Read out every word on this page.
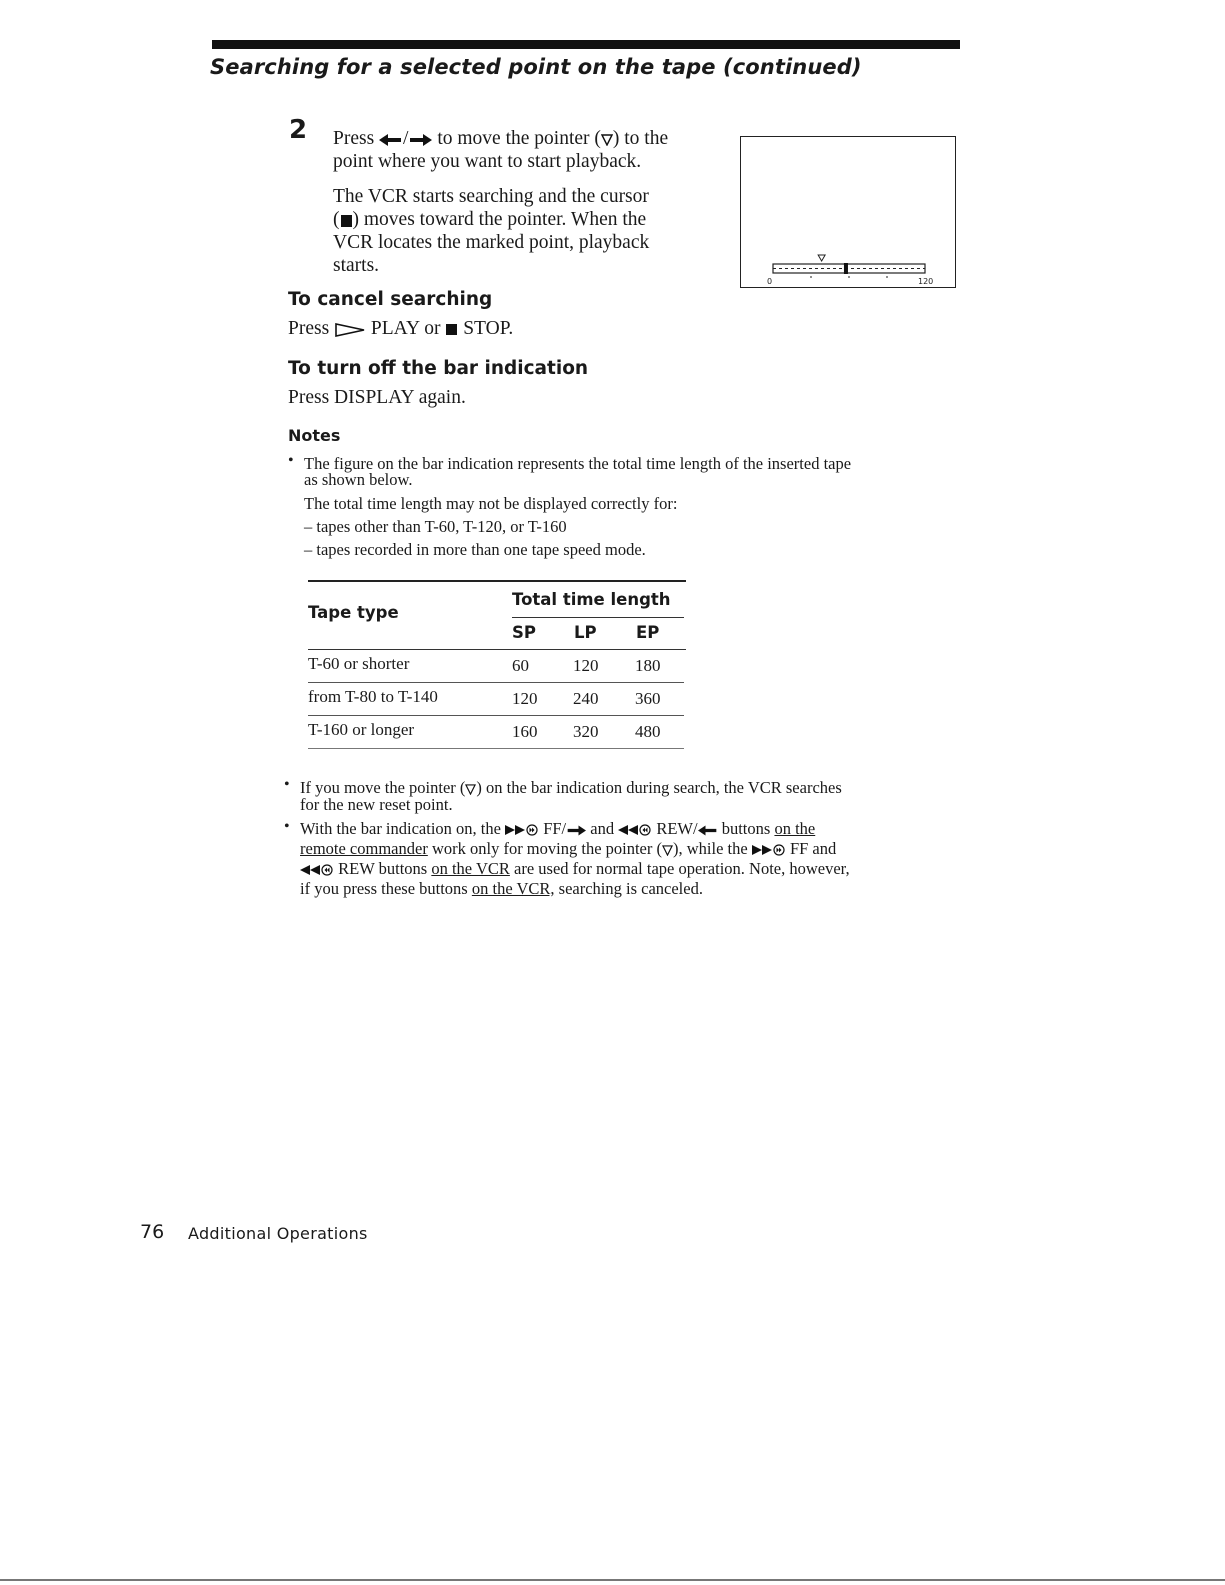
Searching for a selected point on the tape (continued)
2 Press / to move the pointer ( ) to the
point where you want to start playback.
The VCR starts searching and the cursor
( ) moves toward the pointer. When the
VCR locates the marked point, playback
starts.
0	120
To cancel searching
Press PLAY or STOP.
To turn off the bar indication
Press DISPLAY again.
Notes
• The figure on the bar indication represents the total time length of the inserted tape
as shown below.
The total time length may not be displayed correctly for:
– tapes other than T-60, T-120, or T-160
– tapes recorded in more than one tape speed mode.
Tape type
Total time length
SP LP EP
T-60 or shorter	60	120 180
from T-80 to T-140	120 240 360
T-160 or longer	160 320 480
• If you move the pointer ( ) on the bar indication during search, the VCR searches
for the new reset point.
• With the bar indication on, the	FF/ and	REW/ buttons on the
remote commander work only for moving the pointer ( ), while the	FF and
REW buttons on the VCR are used for normal tape operation. Note, however,
if you press these buttons on the VCR, searching is canceled.
76 Additional Operations
